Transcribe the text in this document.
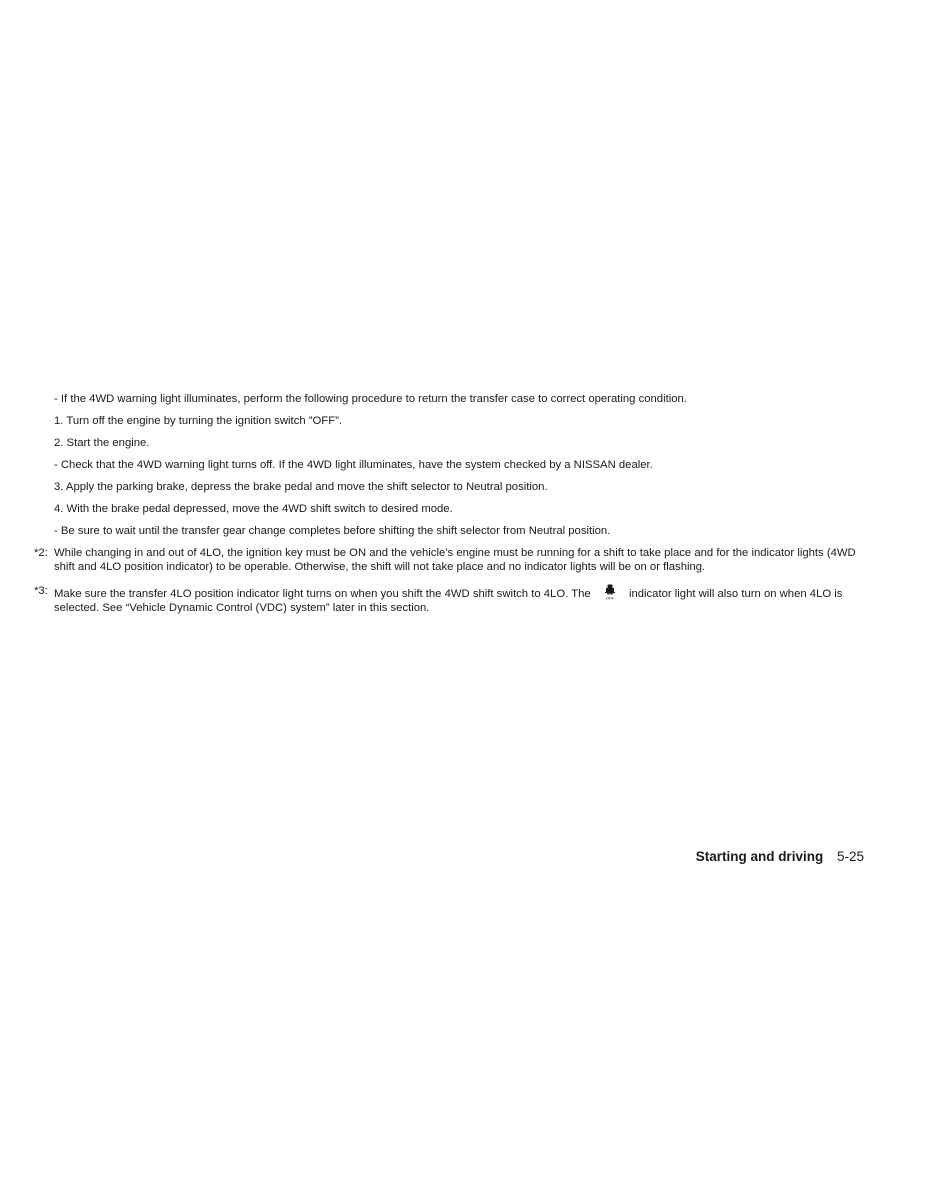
- If the 4WD warning light illuminates, perform the following procedure to return the transfer case to correct operating condition.
1. Turn off the engine by turning the ignition switch ”OFF”.
2. Start the engine.
- Check that the 4WD warning light turns off. If the 4WD light illuminates, have the system checked by a NISSAN dealer.
3. Apply the parking brake, depress the brake pedal and move the shift selector to Neutral position.
4. With the brake pedal depressed, move the 4WD shift switch to desired mode.
- Be sure to wait until the transfer gear change completes before shifting the shift selector from Neutral position.
*2: While changing in and out of 4LO, the ignition key must be ON and the vehicle’s engine must be running for a shift to take place and for the indicator lights (4WD shift and 4LO position indicator) to be operable. Otherwise, the shift will not take place and no indicator lights will be on or flashing.
*3: Make sure the transfer 4LO position indicator light turns on when you shift the 4WD shift switch to 4LO. The	OFF indicator light will also turn on when 4LO is selected. See “Vehicle Dynamic Control (VDC) system” later in this section.
Starting and driving 5-25
